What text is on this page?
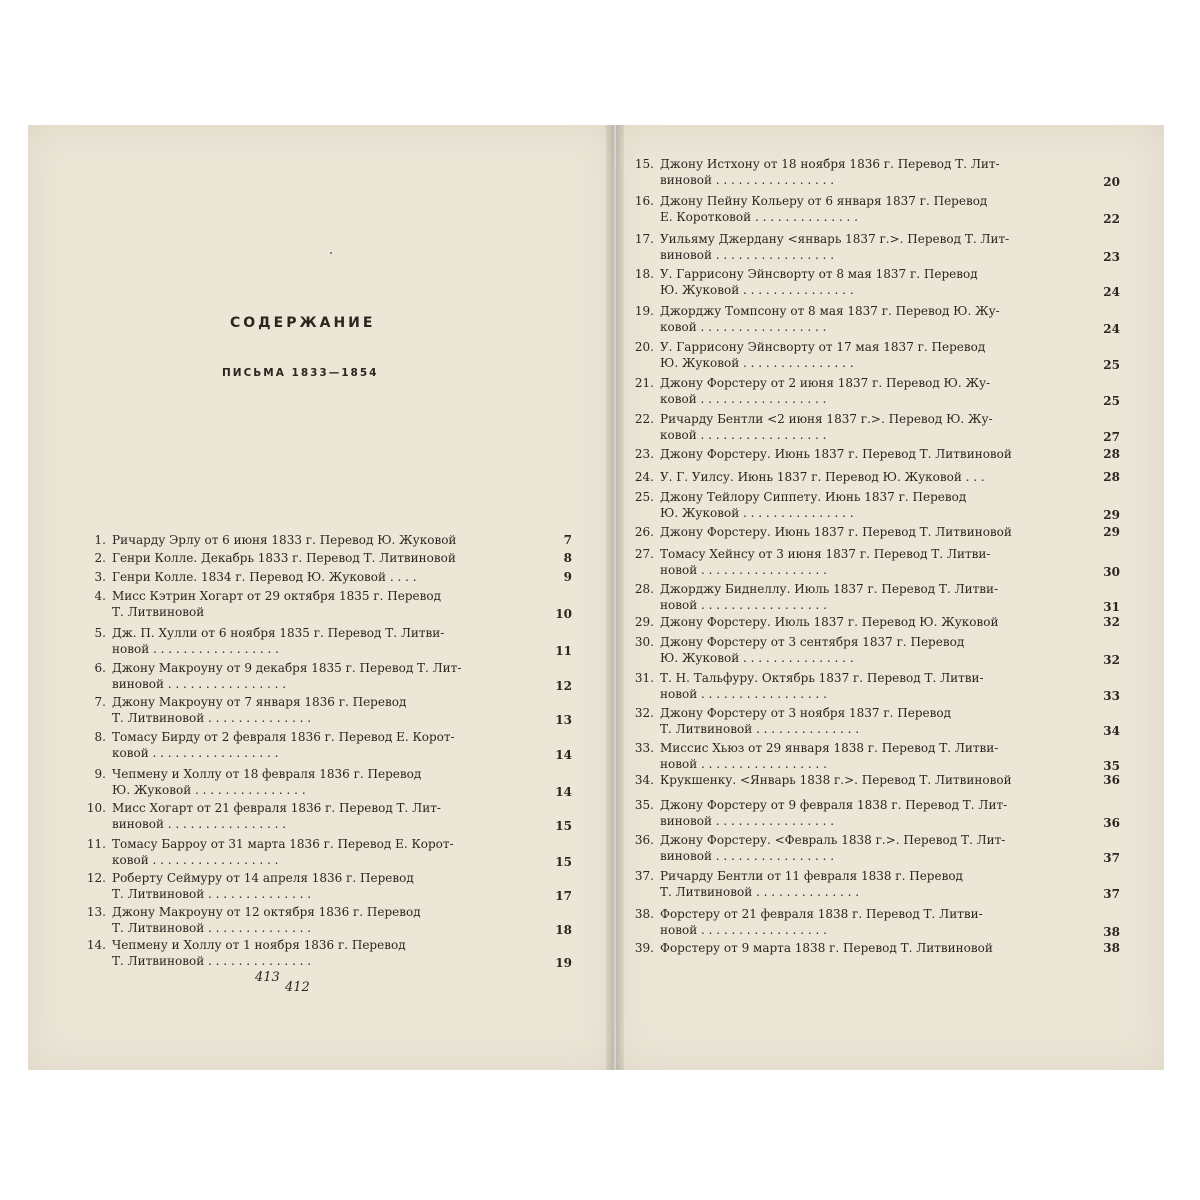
СОДЕРЖАНИЕ
ПИСЬМА 1833—1854
1. Ричарду Эрлу от 6 июня 1833 г. Перевод Ю. Жуковой	7
2. Генри Колле. Декабрь 1833 г. Перевод Т. Литвиновой	8
3. Генри Колле. 1834 г. Перевод Ю. Жуковой . . . .	9
4. Мисс Кэтрин Хогарт от 29 октября 1835 г. Перевод
Т. Литвиновой	10
5. Дж. П. Хулли от 6 ноября 1835 г. Перевод Т. Литви-
новой . . . . . . . . . . . . . . . . .	11
6. Джону Макроуну от 9 декабря 1835 г. Перевод Т. Лит-
виновой . . . . . . . . . . . . . . . .	12
7. Джону Макроуну от 7 января 1836 г. Перевод
Т. Литвиновой . . . . . . . . . . . . . .	13
8. Томасу Бирду от 2 февраля 1836 г. Перевод Е. Корот-
ковой . . . . . . . . . . . . . . . . .	14
9. Чепмену и Холлу от 18 февраля 1836 г. Перевод
Ю. Жуковой . . . . . . . . . . . . . . .	14
10. Мисс Хогарт от 21 февраля 1836 г. Перевод Т. Лит-
виновой . . . . . . . . . . . . . . . .	15
11. Томасу Барроу от 31 марта 1836 г. Перевод Е. Корот-
ковой . . . . . . . . . . . . . . . . .	15
12. Роберту Сеймуру от 14 апреля 1836 г. Перевод
Т. Литвиновой . . . . . . . . . . . . . .	17
13. Джону Макроуну от 12 октября 1836 г. Перевод
Т. Литвиновой . . . . . . . . . . . . . .	18
14. Чепмену и Холлу от 1 ноября 1836 г. Перевод
Т. Литвиновой . . . . . . . . . . . . . .	19
15. Джону Истхону от 18 ноября 1836 г. Перевод Т. Лит-
виновой . . . . . . . . . . . . . . . .	20
16. Джону Пейну Кольеру от 6 января 1837 г. Перевод
Е. Коротковой . . . . . . . . . . . . . .	22
17. Уильяму Джердану <январь 1837 г.>. Перевод Т. Лит-
виновой . . . . . . . . . . . . . . . .	23
18. У. Гаррисону Эйнсворту от 8 мая 1837 г. Перевод
Ю. Жуковой . . . . . . . . . . . . . . .	24
19. Джорджу Томпсону от 8 мая 1837 г. Перевод Ю. Жу-
ковой . . . . . . . . . . . . . . . . .	24
20. У. Гаррисону Эйнсворту от 17 мая 1837 г. Перевод
Ю. Жуковой . . . . . . . . . . . . . . .	25
21. Джону Форстеру от 2 июня 1837 г. Перевод Ю. Жу-
ковой . . . . . . . . . . . . . . . . .	25
22. Ричарду Бентли <2 июня 1837 г.>. Перевод Ю. Жу-
ковой . . . . . . . . . . . . . . . . .	27
23. Джону Форстеру. Июнь 1837 г. Перевод Т. Литвиновой	28
24. У. Г. Уилсу. Июнь 1837 г. Перевод Ю. Жуковой . . .	28
25. Джону Тейлору Сиппету. Июнь 1837 г. Перевод
Ю. Жуковой . . . . . . . . . . . . . . .	29
26. Джону Форстеру. Июнь 1837 г. Перевод Т. Литвиновой	29
27. Томасу Хейнсу от 3 июня 1837 г. Перевод Т. Литви-
новой . . . . . . . . . . . . . . . . .	30
28. Джорджу Биднеллу. Июль 1837 г. Перевод Т. Литви-
новой . . . . . . . . . . . . . . . . .	31
29. Джону Форстеру. Июль 1837 г. Перевод Ю. Жуковой	32
30. Джону Форстеру от 3 сентября 1837 г. Перевод
Ю. Жуковой . . . . . . . . . . . . . . .	32
31. Т. Н. Тальфуру. Октябрь 1837 г. Перевод Т. Литви-
новой . . . . . . . . . . . . . . . . .	33
32. Джону Форстеру от 3 ноября 1837 г. Перевод
Т. Литвиновой . . . . . . . . . . . . . .	34
33. Миссис Хьюз от 29 января 1838 г. Перевод Т. Литви-
новой . . . . . . . . . . . . . . . . .	35
34. Крукшенку. <Январь 1838 г.>. Перевод Т. Литвиновой	36
35. Джону Форстеру от 9 февраля 1838 г. Перевод Т. Лит-
виновой . . . . . . . . . . . . . . . .	36
36. Джону Форстеру. <Февраль 1838 г.>. Перевод Т. Лит-
виновой . . . . . . . . . . . . . . . .	37
37. Ричарду Бентли от 11 февраля 1838 г. Перевод
Т. Литвиновой . . . . . . . . . . . . . .	37
38. Форстеру от 21 февраля 1838 г. Перевод Т. Литви-
новой . . . . . . . . . . . . . . . . .	38
39. Форстеру от 9 марта 1838 г. Перевод Т. Литвиновой	38
412
413
